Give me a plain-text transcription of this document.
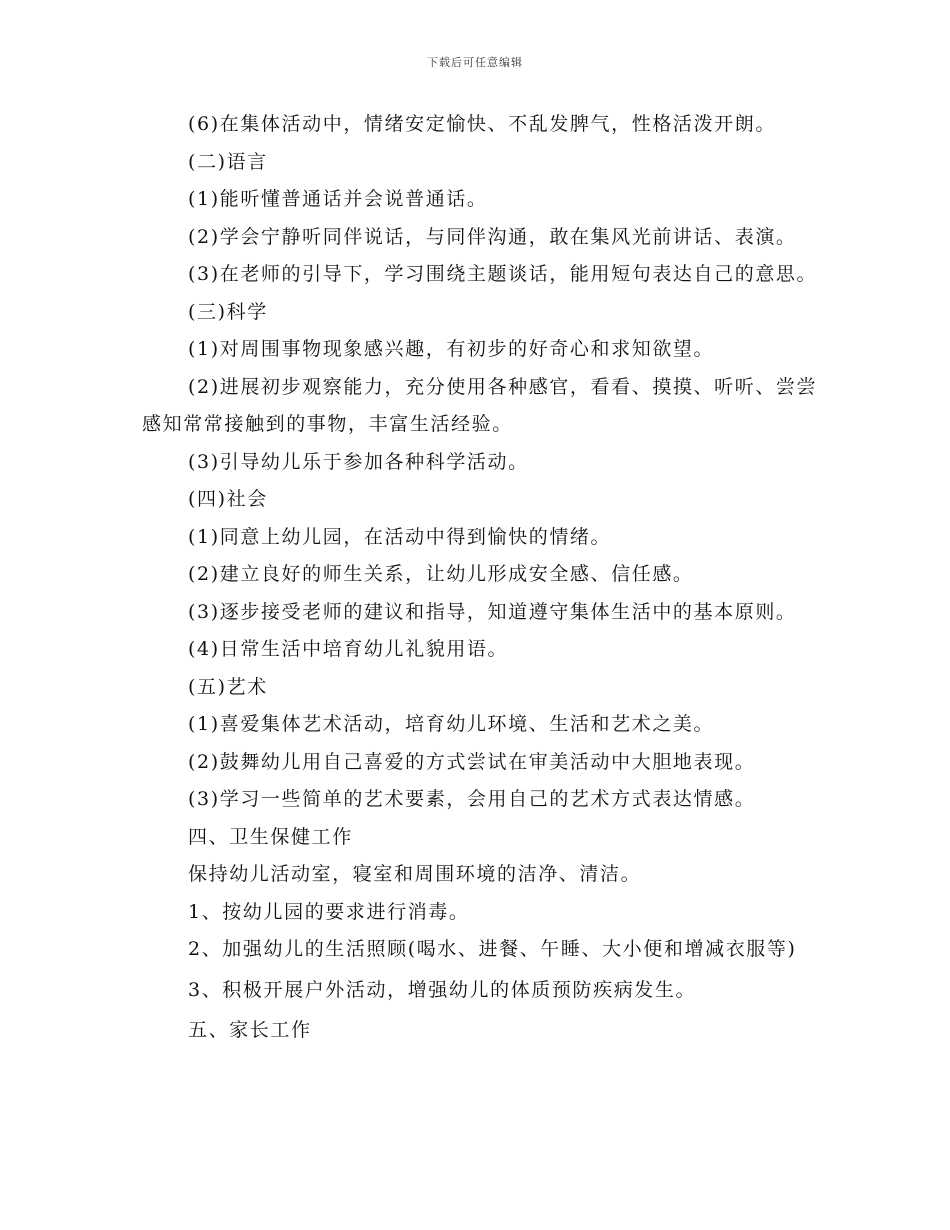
下载后可任意编辑

(6)在集体活动中，情绪安定愉快、不乱发脾气，性格活泼开朗。

(二)语言

(1)能听懂普通话并会说普通话。

(2)学会宁静听同伴说话，与同伴沟通，敢在集风光前讲话、表演。

(3)在老师的引导下，学习围绕主题谈话，能用短句表达自己的意思。

(三)科学

(1)对周围事物现象感兴趣，有初步的好奇心和求知欲望。

(2)进展初步观察能力，充分使用各种感官，看看、摸摸、听听、尝尝感知常常接触到的事物，丰富生活经验。

(3)引导幼儿乐于参加各种科学活动。

(四)社会

(1)同意上幼儿园，在活动中得到愉快的情绪。

(2)建立良好的师生关系，让幼儿形成安全感、信任感。

(3)逐步接受老师的建议和指导，知道遵守集体生活中的基本原则。

(4)日常生活中培育幼儿礼貌用语。

(五)艺术

(1)喜爱集体艺术活动，培育幼儿环境、生活和艺术之美。

(2)鼓舞幼儿用自己喜爱的方式尝试在审美活动中大胆地表现。

(3)学习一些简单的艺术要素，会用自己的艺术方式表达情感。

四、卫生保健工作

保持幼儿活动室，寝室和周围环境的洁净、清洁。

1、按幼儿园的要求进行消毒。

2、加强幼儿的生活照顾(喝水、进餐、午睡、大小便和增减衣服等)

3、积极开展户外活动，增强幼儿的体质预防疾病发生。

五、家长工作
